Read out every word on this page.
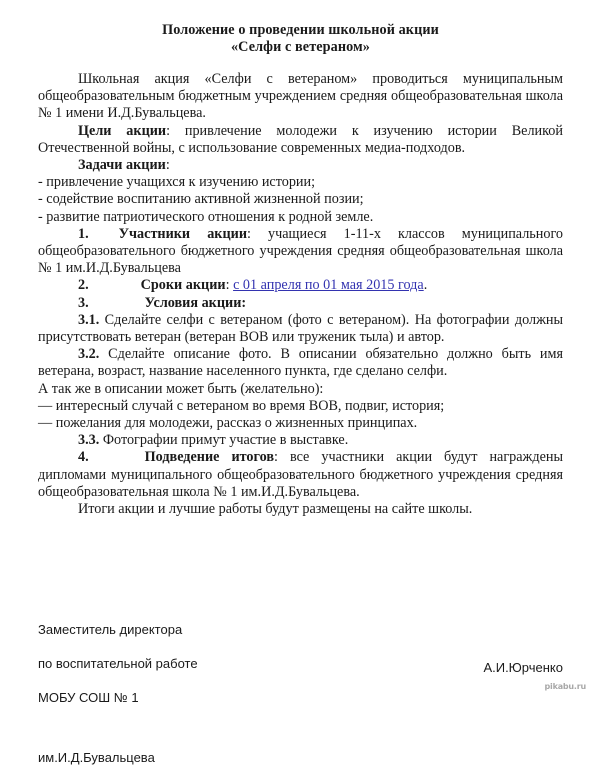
Положение о проведении школьной акции
«Селфи с ветераном»

Школьная акция «Селфи с ветераном» проводиться муниципальным общеобразовательным бюджетным учреждением средняя общеобразовательная школа № 1 имени И.Д.Бувальцева.

Цели акции: привлечение молодежи к изучению истории Великой Отечественной войны, с использование современных медиа-подходов.

Задачи акции:

- привлечение учащихся к изучению истории;

- содействие воспитанию активной жизненной позии;

- развитие патриотического отношения к родной земле.

1. Участники акции: учащиеся 1-11-х классов муниципального общеобразовательного бюджетного учреждения средняя общеобразовательная школа № 1 им.И.Д.Бувальцева

2.	Сроки акции: с 01 апреля по 01 мая 2015 года.

3.	Условия акции:

3.1. Сделайте селфи с ветераном (фото с ветераном). На фотографии должны присутствовать ветеран (ветеран ВОВ или труженик тыла) и автор.

3.2. Сделайте описание фото. В описании обязательно должно быть имя ветерана, возраст, название населенного пункта, где сделано селфи.

А так же в описании может быть (желательно):

— интересный случай с ветераном во время ВОВ, подвиг, история;

— пожелания для молодежи, рассказ о жизненных принципах.

3.3. Фотографии примут участие в выставке.

4.	Подведение итогов: все участники акции будут награждены дипломами муниципального общеобразовательного бюджетного учреждения средняя общеобразовательная школа № 1 им.И.Д.Бувальцева.

Итоги акции и лучшие работы будут размещены на сайте школы.

Заместитель директора

по воспитательной работе

МОБУ СОШ № 1

им.И.Д.Бувальцева

А.И.Юрченко
pikabu.ru
